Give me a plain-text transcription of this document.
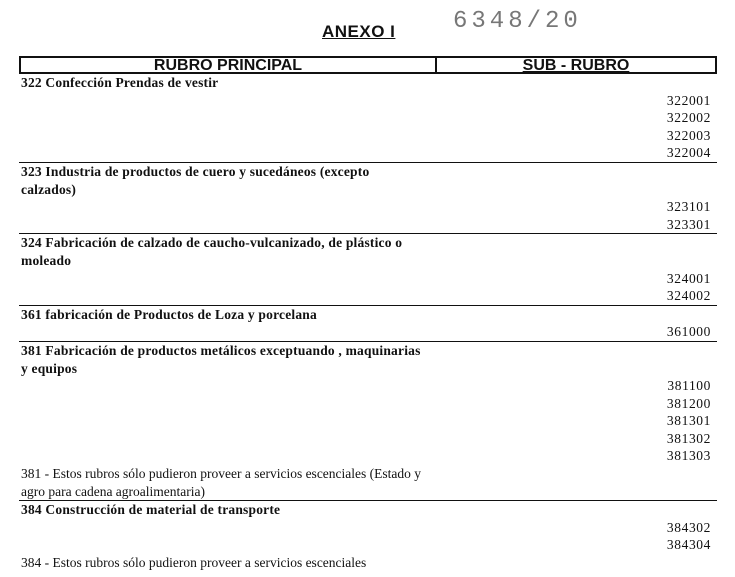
ANEXO I 6348/20
RUBRO PRINCIPAL	SUB - RUBRO
322 Confección Prendas de vestir
322001
322002
322003
322004
323 Industria de productos de cuero y sucedáneos (excepto calzados)
323101
323301
324 Fabricación de calzado de caucho-vulcanizado, de plástico o moleado
324001
324002
361 fabricación de Productos de Loza y porcelana
361000
381 Fabricación de productos metálicos exceptuando , maquinarias y equipos
381100
381200
381301
381302
381303
381 - Estos rubros sólo pudieron proveer a servicios escenciales (Estado y agro para cadena agroalimentaria)
384 Construcción de material de transporte
384302
384304
384 - Estos rubros sólo pudieron proveer a servicios escenciales
